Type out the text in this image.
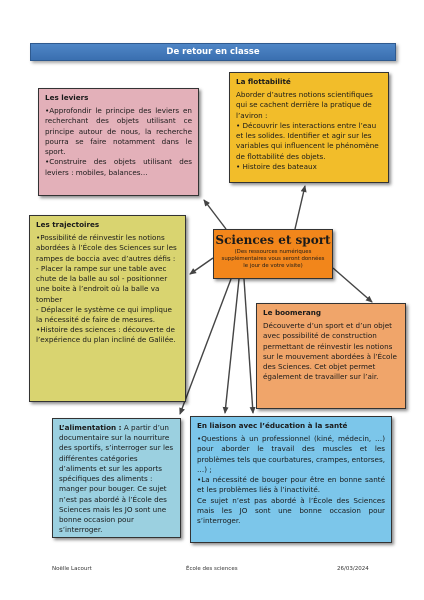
De retour en classe
Les leviers
•Approfondir le principe des leviers en recherchant des objets utilisant ce principe autour de nous, la recherche pourra se faire notamment dans le sport.
•Construire des objets utilisant des leviers : mobiles, balances…
La flottabilité
Aborder d’autres notions scientifiques qui se cachent derrière la pratique de l’aviron :
• Découvrir les interactions entre l’eau et les solides. Identifier et agir sur les variables qui influencent le phénomène de flottabilité des objets.
• Histoire des bateaux
Sciences et sport
(Des ressources numériques supplémentaires vous seront données le jour de votre visite)
Les trajectoires
•Possibilité de réinvestir les notions abordées à l’École des Sciences sur les rampes de boccia avec d’autres défis :
- Placer la rampe sur une table avec chute de la balle au sol - positionner une boite à l’endroit où la balle va tomber
- Déplacer le système ce qui implique la nécessité de faire de mesures.
•Histoire des sciences : découverte de l’expérience du plan incliné de Galilée.
Le boomerang
Découverte d’un sport et d’un objet avec possibilité de construction permettant de réinvestir les notions sur le mouvement abordées à l’École des Sciences. Cet objet permet également de travailler sur l’air.
L’alimentation : A partir d’un documentaire sur la nourriture des sportifs, s’interroger sur les différentes catégories d’aliments et sur les apports spécifiques des aliments : manger pour bouger. Ce sujet n’est pas abordé à l’École des Sciences mais les JO sont une bonne occasion pour s’interroger.
En liaison avec l’éducation à la santé
•Questions à un professionnel (kiné, médecin, …) pour aborder le travail des muscles et les problèmes tels que courbatures, crampes, entorses, …) ;
•La nécessité de bouger pour être en bonne santé et les problèmes liés à l’inactivité.
Ce sujet n’est pas abordé à l’École des Sciences mais les JO sont une bonne occasion pour s’interroger.
Noëlle Lacourt	École des sciences	26/03/2024
